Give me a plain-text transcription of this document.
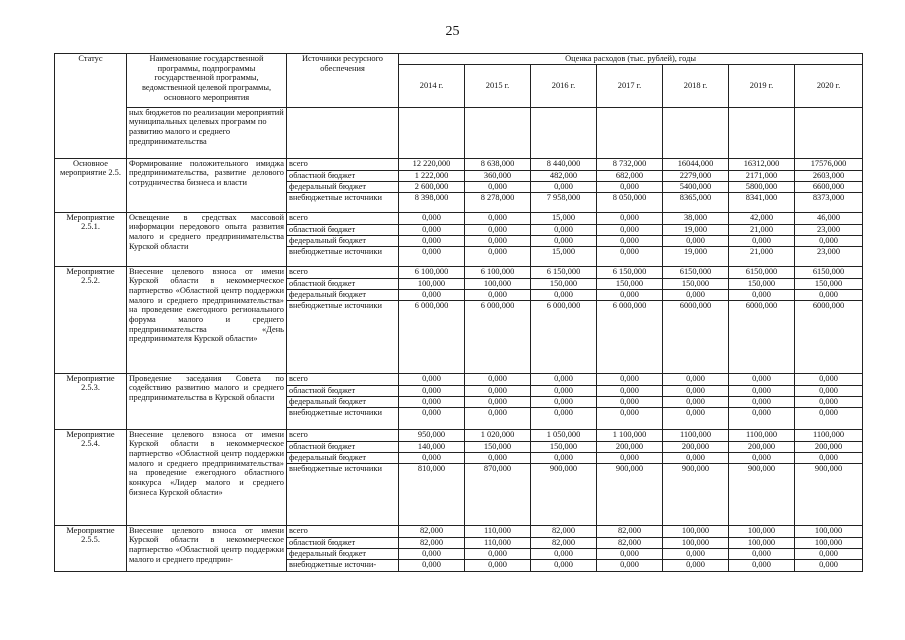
25
Статус	Наименование государственной программы, подпрограммы государственной программы, ведомственной целевой программы, основного мероприятия	Источники ресурсного обеспечения	Оценка расходов (тыс. рублей), годы						
			2014 г.	2015 г.	2016 г.	2017 г.	2018 г.	2019 г.	2020 г.
	ных бюджетов по реализации мероприятий муниципальных целевых программ по развитию малого и среднего предпринимательства								
Основное мероприятие 2.5.	Формирование положительного имиджа предпринимательства, развитие делового сотрудничества бизнеса и власти	всего	12 220,000	8 638,000	8 440,000	8 732,000	16044,000	16312,000	17576,000
		областной бюджет	1 222,000	360,000	482,000	682,000	2279,000	2171,000	2603,000
		федеральный бюджет	2 600,000	0,000	0,000	0,000	5400,000	5800,000	6600,000
		внебюджетные источники	8 398,000	8 278,000	7 958,000	8 050,000	8365,000	8341,000	8373,000
Мероприятие 2.5.1.	Освещение в средствах массовой информации передового опыта развития малого и среднего предпринимательства Курской области	всего	0,000	0,000	15,000	0,000	38,000	42,000	46,000
		областной бюджет	0,000	0,000	0,000	0,000	19,000	21,000	23,000
		федеральный бюджет	0,000	0,000	0,000	0,000	0,000	0,000	0,000
		внебюджетные источники	0,000	0,000	15,000	0,000	19,000	21,000	23,000
Мероприятие 2.5.2.	Внесение целевого взноса от имени Курской области в некоммерческое партнерство «Областной центр поддержки малого и среднего предпринимательства» на проведение ежегодного регионального форума малого и среднего предпринимательства «День предпринимателя Курской области»	всего	6 100,000	6 100,000	6 150,000	6 150,000	6150,000	6150,000	6150,000
		областной бюджет	100,000	100,000	150,000	150,000	150,000	150,000	150,000
		федеральный бюджет	0,000	0,000	0,000	0,000	0,000	0,000	0,000
		внебюджетные источники	6 000,000	6 000,000	6 000,000	6 000,000	6000,000	6000,000	6000,000
Мероприятие 2.5.3.	Проведение заседания Совета по содействию развитию малого и среднего предпринимательства в Курской области	всего	0,000	0,000	0,000	0,000	0,000	0,000	0,000
		областной бюджет	0,000	0,000	0,000	0,000	0,000	0,000	0,000
		федеральный бюджет	0,000	0,000	0,000	0,000	0,000	0,000	0,000
		внебюджетные источники	0,000	0,000	0,000	0,000	0,000	0,000	0,000
Мероприятие 2.5.4.	Внесение целевого взноса от имени Курской области в некоммерческое партнерство «Областной центр поддержки малого и среднего предпринимательства» на проведение ежегодного областного конкурса «Лидер малого и среднего бизнеса Курской области»	всего	950,000	1 020,000	1 050,000	1 100,000	1100,000	1100,000	1100,000
		областной бюджет	140,000	150,000	150,000	200,000	200,000	200,000	200,000
		федеральный бюджет	0,000	0,000	0,000	0,000	0,000	0,000	0,000
		внебюджетные источники	810,000	870,000	900,000	900,000	900,000	900,000	900,000
Мероприятие 2.5.5.	Внесение целевого взноса от имени Курской области в некоммерческое партнерство «Областной центр поддержки малого и среднего предприн-	всего	82,000	110,000	82,000	82,000	100,000	100,000	100,000
		областной бюджет	82,000	110,000	82,000	82,000	100,000	100,000	100,000
		федеральный бюджет	0,000	0,000	0,000	0,000	0,000	0,000	0,000
		внебюджетные источни-	0,000	0,000	0,000	0,000	0,000	0,000	0,000
